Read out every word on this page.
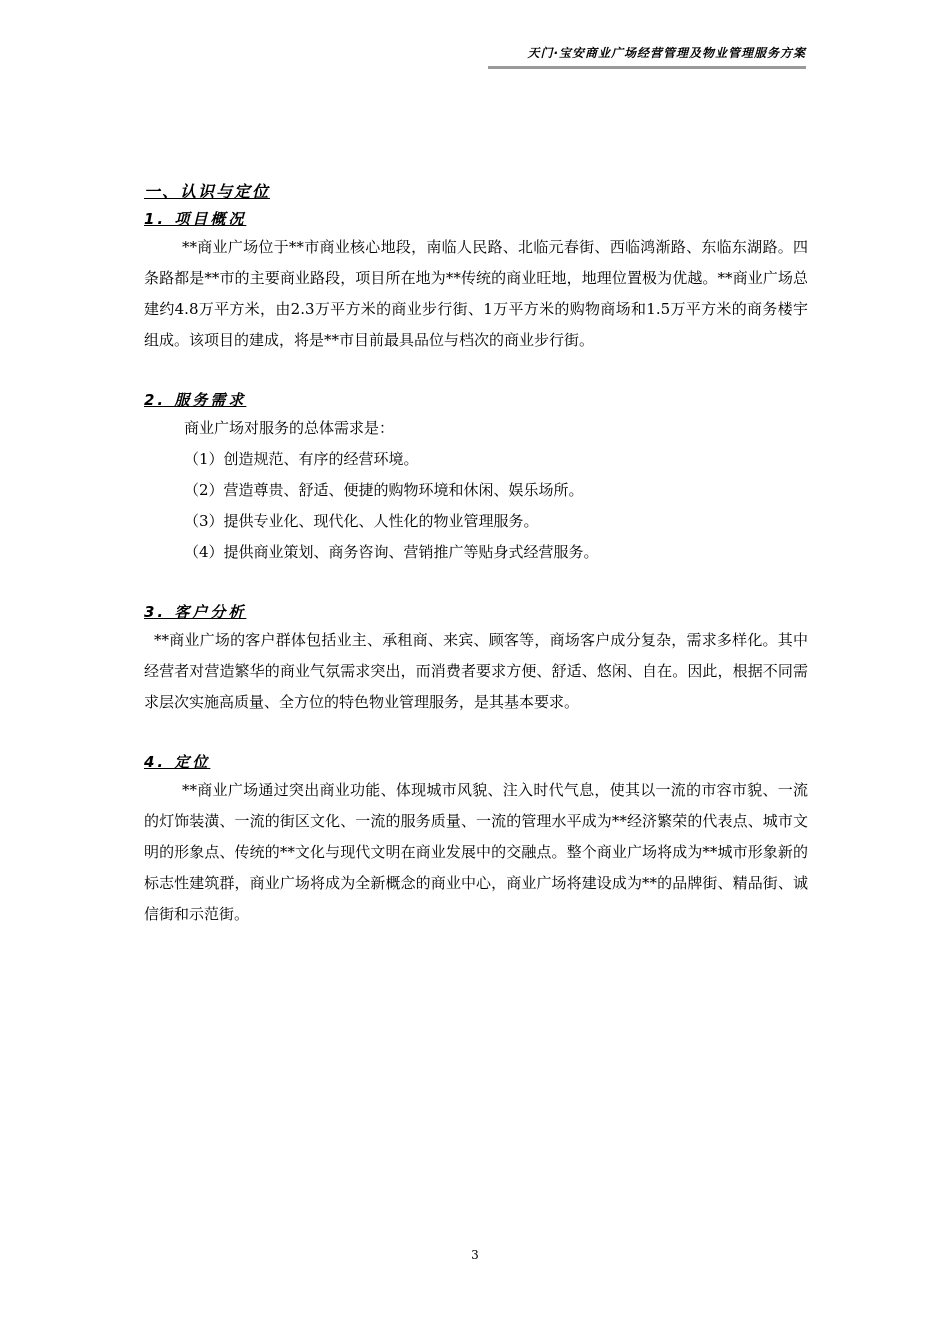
天门·宝安商业广场经营管理及物业管理服务方案
一、认识与定位
1. 项目概况

**商业广场位于**市商业核心地段，南临人民路、北临元春街、西临鸿渐路、东临东湖路。四条路都是**市的主要商业路段，项目所在地为**传统的商业旺地，地理位置极为优越。**商业广场总建约4.8万平方米，由2.3万平方米的商业步行街、1万平方米的购物商场和1.5万平方米的商务楼宇组成。该项目的建成，将是**市目前最具品位与档次的商业步行街。

2. 服务需求

商业广场对服务的总体需求是：

（1）创造规范、有序的经营环境。

（2）营造尊贵、舒适、便捷的购物环境和休闲、娱乐场所。

（3）提供专业化、现代化、人性化的物业管理服务。

（4）提供商业策划、商务咨询、营销推广等贴身式经营服务。

3. 客户分析

**商业广场的客户群体包括业主、承租商、来宾、顾客等，商场客户成分复杂，需求多样化。其中经营者对营造繁华的商业气氛需求突出，而消费者要求方便、舒适、悠闲、自在。因此，根据不同需求层次实施高质量、全方位的特色物业管理服务，是其基本要求。

4. 定位

**商业广场通过突出商业功能、体现城市风貌、注入时代气息，使其以一流的市容市貌、一流的灯饰装潢、一流的街区文化、一流的服务质量、一流的管理水平成为**经济繁荣的代表点、城市文明的形象点、传统的**文化与现代文明在商业发展中的交融点。整个商业广场将成为**城市形象新的标志性建筑群，商业广场将成为全新概念的商业中心，商业广场将建设成为**的品牌街、精品街、诚信街和示范街。

3
